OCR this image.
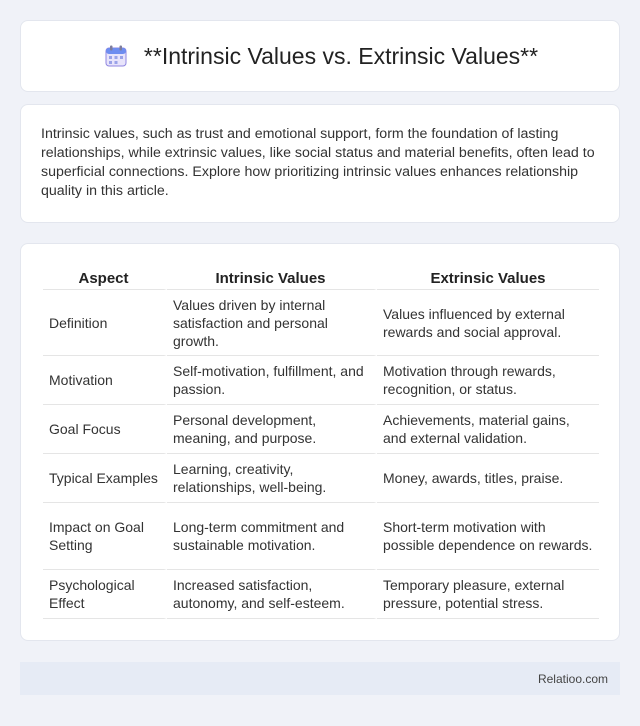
**Intrinsic Values vs. Extrinsic Values**

Intrinsic values, such as trust and emotional support, form the foundation of lasting relationships, while extrinsic values, like social status and material benefits, often lead to superficial connections. Explore how prioritizing intrinsic values enhances relationship quality in this article.

Aspect	Intrinsic Values	Extrinsic Values
Definition	Values driven by internal satisfaction and personal growth.	Values influenced by external rewards and social approval.
Motivation	Self-motivation, fulfillment, and passion.	Motivation through rewards, recognition, or status.
Goal Focus	Personal development, meaning, and purpose.	Achievements, material gains, and external validation.
Typical Examples	Learning, creativity, relationships, well-being.	Money, awards, titles, praise.
Impact on Goal Setting	Long-term commitment and sustainable motivation.	Short-term motivation with possible dependence on rewards.
Psychological Effect	Increased satisfaction, autonomy, and self-esteem.	Temporary pleasure, external pressure, potential stress.
Relatioo.com
